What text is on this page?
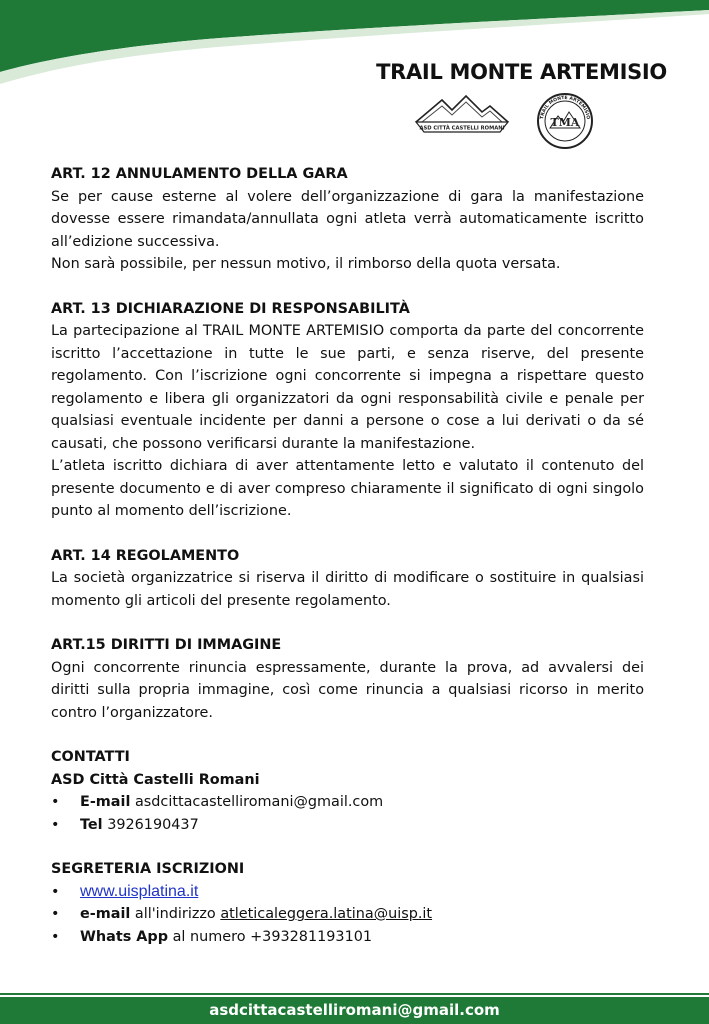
TRAIL MONTE ARTEMISIO
ASD CITTÀ CASTELLI ROMANI	TMA
TRAIL MONTE ARTEMISIO

ART. 12 ANNULAMENTO DELLA GARA

Se per cause esterne al volere dell’organizzazione di gara la manifestazione dovesse essere rimandata/annullata ogni atleta verrà automaticamente iscritto all’edizione successiva.

Non sarà possibile, per nessun motivo, il rimborso della quota versata.

ART. 13 DICHIARAZIONE DI RESPONSABILITÀ

La partecipazione al TRAIL MONTE ARTEMISIO comporta da parte del concorrente iscritto l’accettazione in tutte le sue parti, e senza riserve, del presente regolamento. Con l’iscrizione ogni concorrente si impegna a rispettare questo regolamento e libera gli organizzatori da ogni responsabilità civile e penale per qualsiasi eventuale incidente per danni a persone o cose a lui derivati o da sé causati, che possono verificarsi durante la manifestazione.

L’atleta iscritto dichiara di aver attentamente letto e valutato il contenuto del presente documento e di aver compreso chiaramente il significato di ogni singolo punto al momento dell’iscrizione.

ART. 14 REGOLAMENTO

La società organizzatrice si riserva il diritto di modificare o sostituire in qualsiasi momento gli articoli del presente regolamento.

ART.15 DIRITTI DI IMMAGINE

Ogni concorrente rinuncia espressamente, durante la prova, ad avvalersi dei diritti sulla propria immagine, così come rinuncia a qualsiasi ricorso in merito contro l’organizzatore.

CONTATTI

ASD Città Castelli Romani

• E-mail asdcittacastelliromani@gmail.com
• Tel 3926190437

SEGRETERIA ISCRIZIONI

• www.uisplatina.it
• e-mail all'indirizzo atleticaleggera.latina@uisp.it
• Whats App al numero +393281193101
asdcittacastelliromani@gmail.com
